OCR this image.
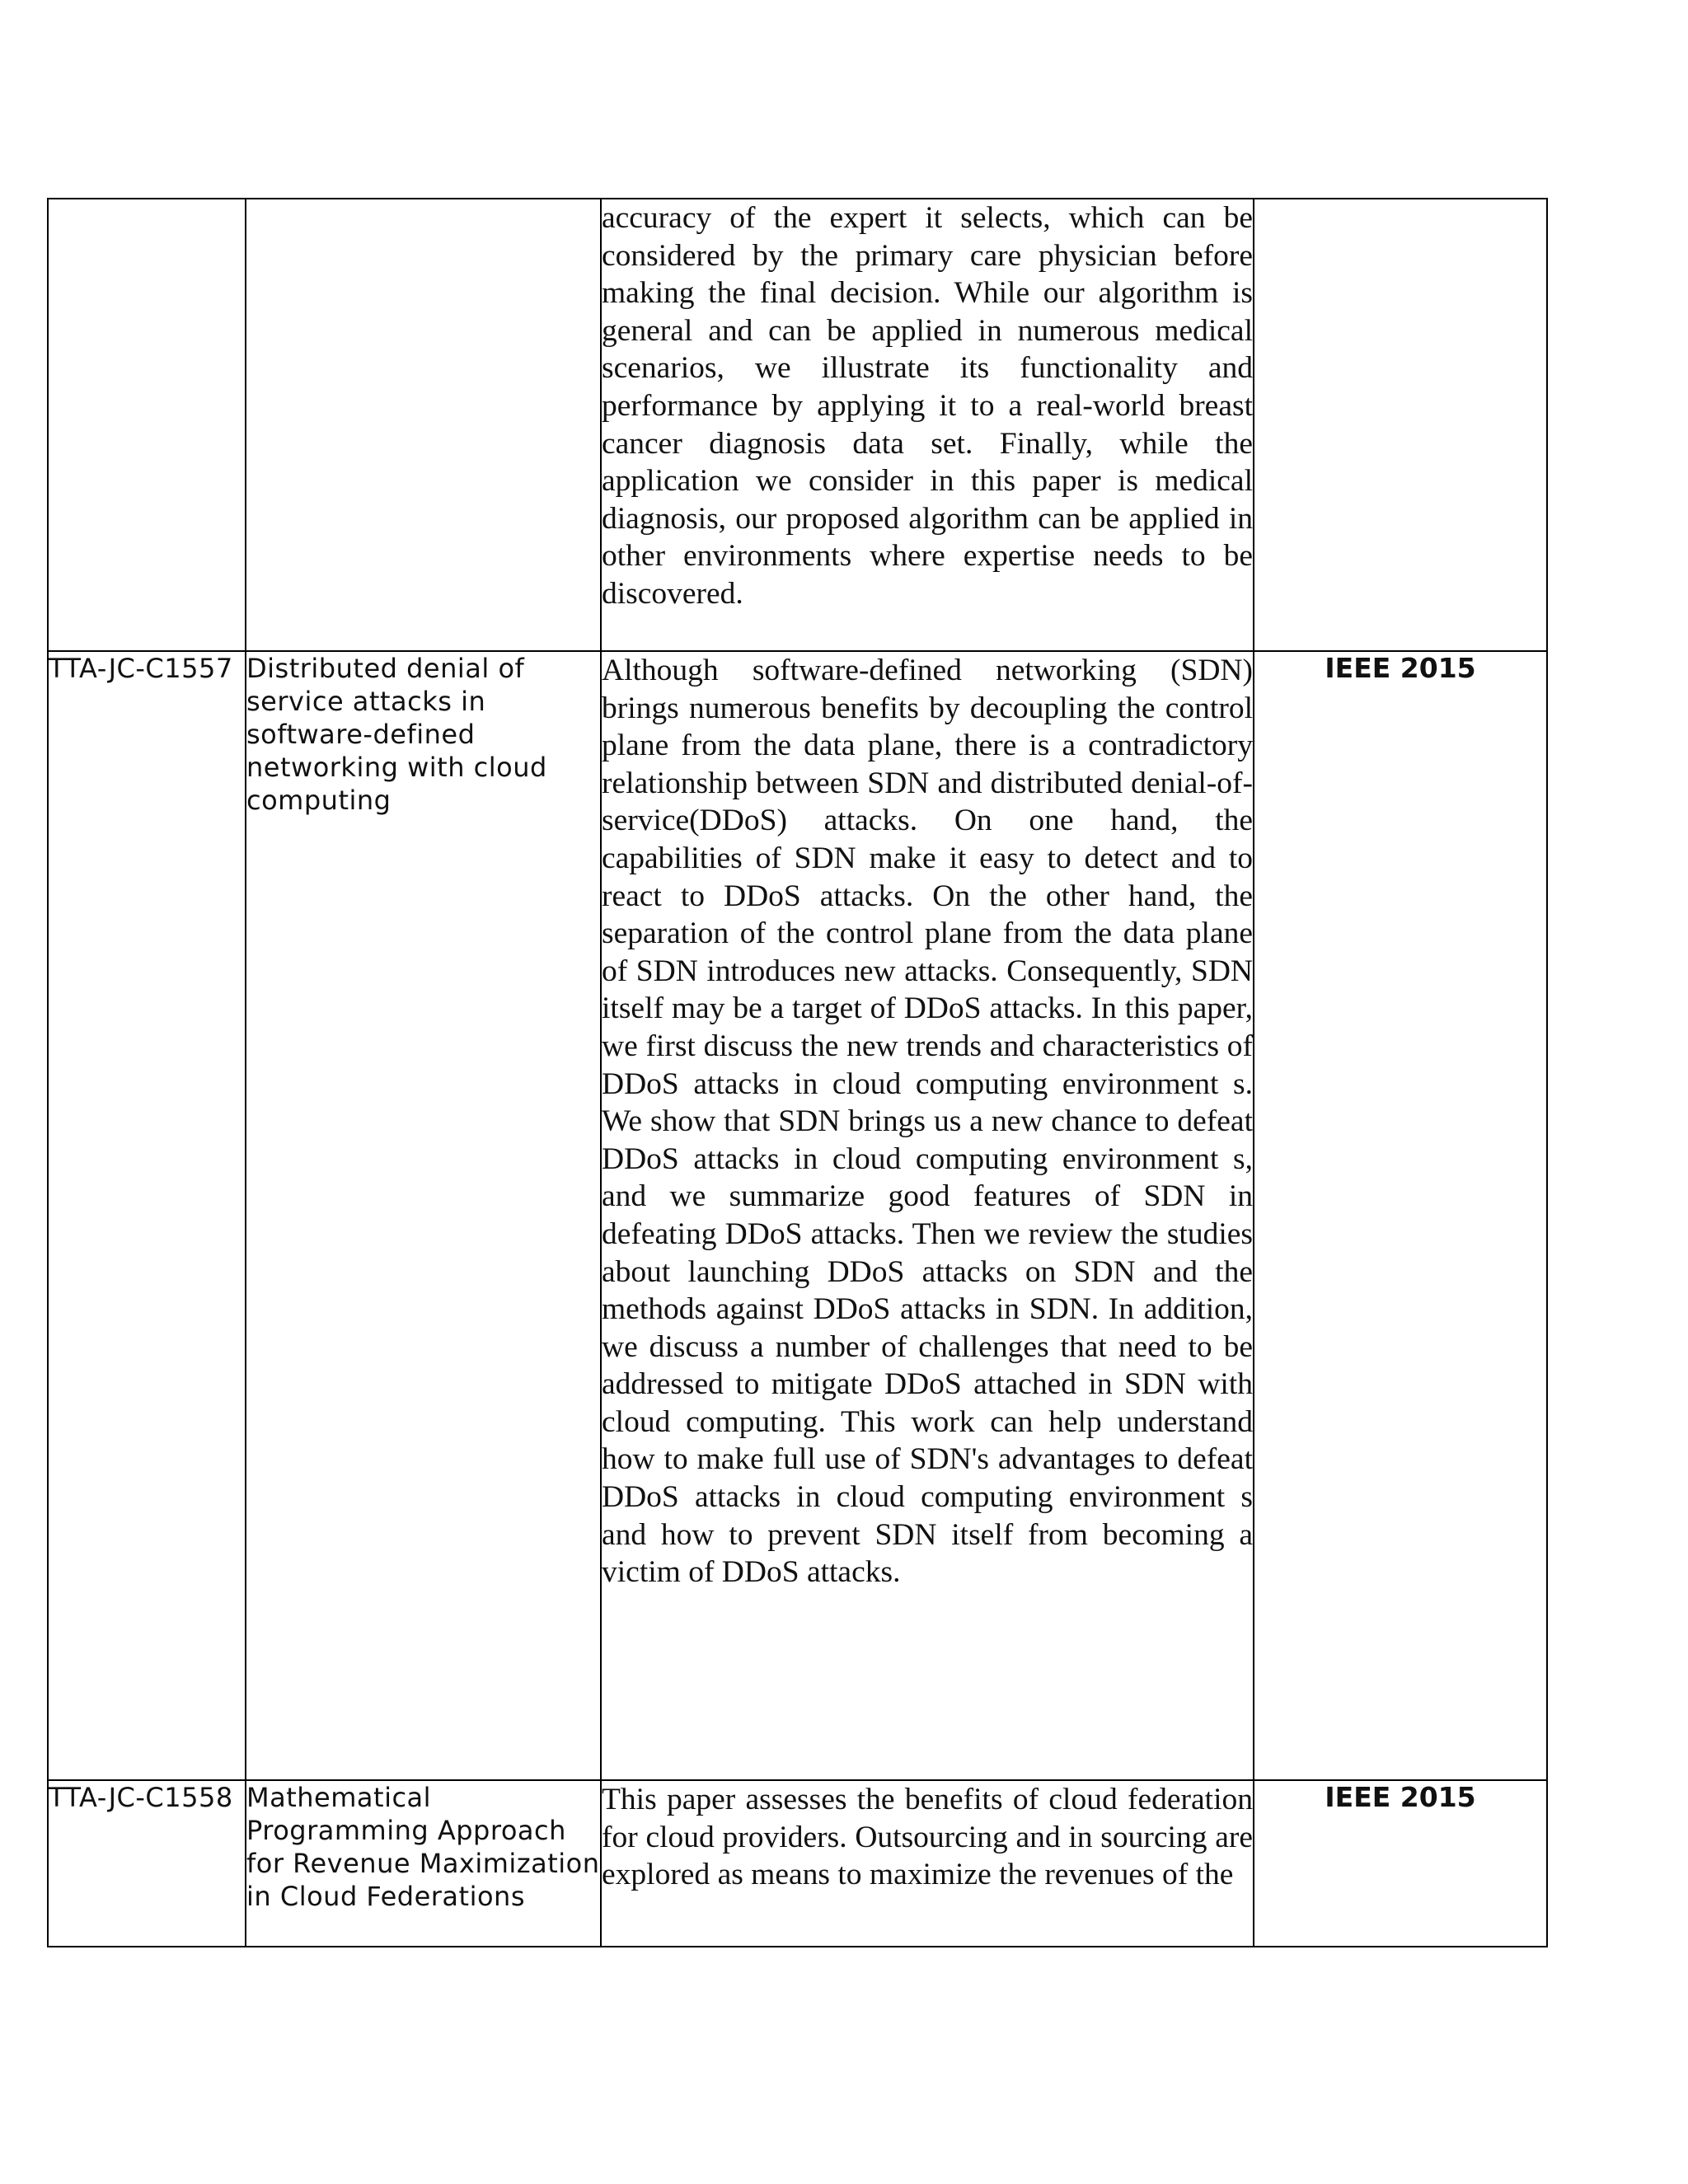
		accuracy of the expert it selects, which can be considered by the primary care physician before making the final decision. While our algorithm is general and can be applied in numerous medical scenarios, we illustrate its functionality and performance by applying it to a real-world breast cancer diagnosis data set. Finally, while the application we consider in this paper is medical diagnosis, our proposed algorithm can be applied in other environments where expertise needs to be discovered.	

TTA-JC-C1557	Distributed denial of service attacks in software-defined networking with cloud computing	Although software-defined networking (SDN) brings numerous benefits by decoupling the control plane from the data plane, there is a contradictory relationship between SDN and distributed denial-of-service(DDoS) attacks. On one hand, the capabilities of SDN make it easy to detect and to react to DDoS attacks. On the other hand, the separation of the control plane from the data plane of SDN introduces new attacks. Consequently, SDN itself may be a target of DDoS attacks. In this paper, we first discuss the new trends and characteristics of DDoS attacks in cloud computing environment s. We show that SDN brings us a new chance to defeat DDoS attacks in cloud computing environment s, and we summarize good features of SDN in defeating DDoS attacks. Then we review the studies about launching DDoS attacks on SDN and the methods against DDoS attacks in SDN. In addition, we discuss a number of challenges that need to be addressed to mitigate DDoS attached in SDN with cloud computing. This work can help understand how to make full use of SDN's advantages to defeat DDoS attacks in cloud computing environment s and how to prevent SDN itself from becoming a victim of DDoS attacks.	IEEE 2015
TTA-JC-C1558	Mathematical Programming Approach for Revenue Maximization in Cloud Federations	This paper assesses the benefits of cloud federation for cloud providers. Outsourcing and in sourcing are explored as means to maximize the revenues of the	IEEE 2015
